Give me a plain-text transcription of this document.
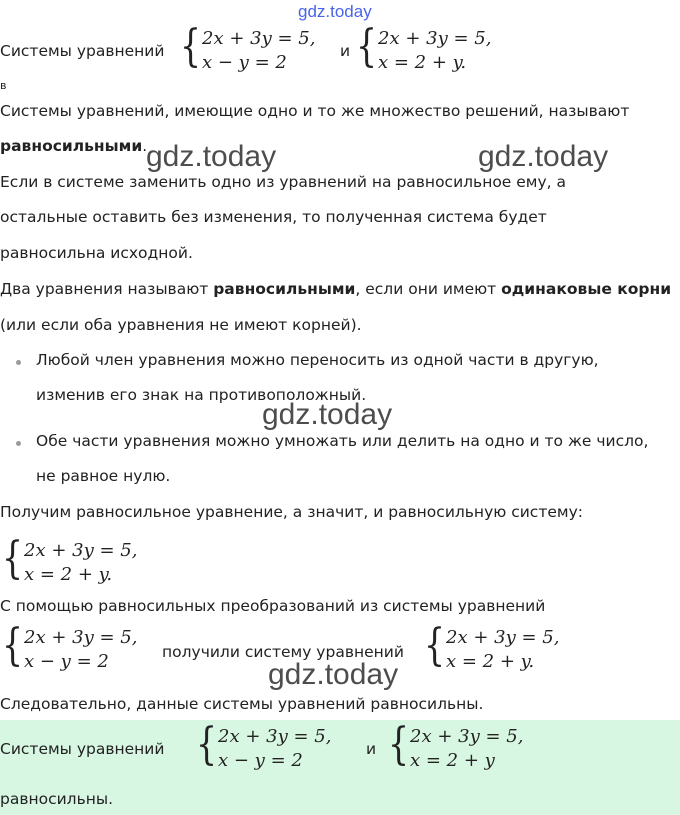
gdz.today
Системы уравнений { 2x + 3y = 5,
x − y = 2
и { 2x + 3y = 5,
x = 2 + y.
в
Системы уравнений, имеющие одно и то же множество решений, называют
равносильными.
gdz.today	gdz.today
Если в системе заменить одно из уравнений на равносильное ему, а
остальные оставить без изменения, то полученная система будет
равносильна исходной.
Два уравнения называют равносильными, если они имеют одинаковые корни
(или если оба уравнения не имеют корней).
Любой член уравнения можно переносить из одной части в другую,
изменив его знак на противоположный.
gdz.today
Обе части уравнения можно умножать или делить на одно и то же число,
не равное нулю.
Получим равносильное уравнение, а значит, и равносильную систему:
{ 2x + 3y = 5,
x = 2 + y.
С помощью равносильных преобразований из системы уравнений
{ 2x + 3y = 5,
x − y = 2	получили систему уравнений { 2x + 3y = 5,
x = 2 + y.
gdz.today
Следовательно, данные системы уравнений равносильны.
Системы уравнений { 2x + 3y = 5,
x − y = 2
и { 2x + 3y = 5,
x = 2 + y
равносильны.
